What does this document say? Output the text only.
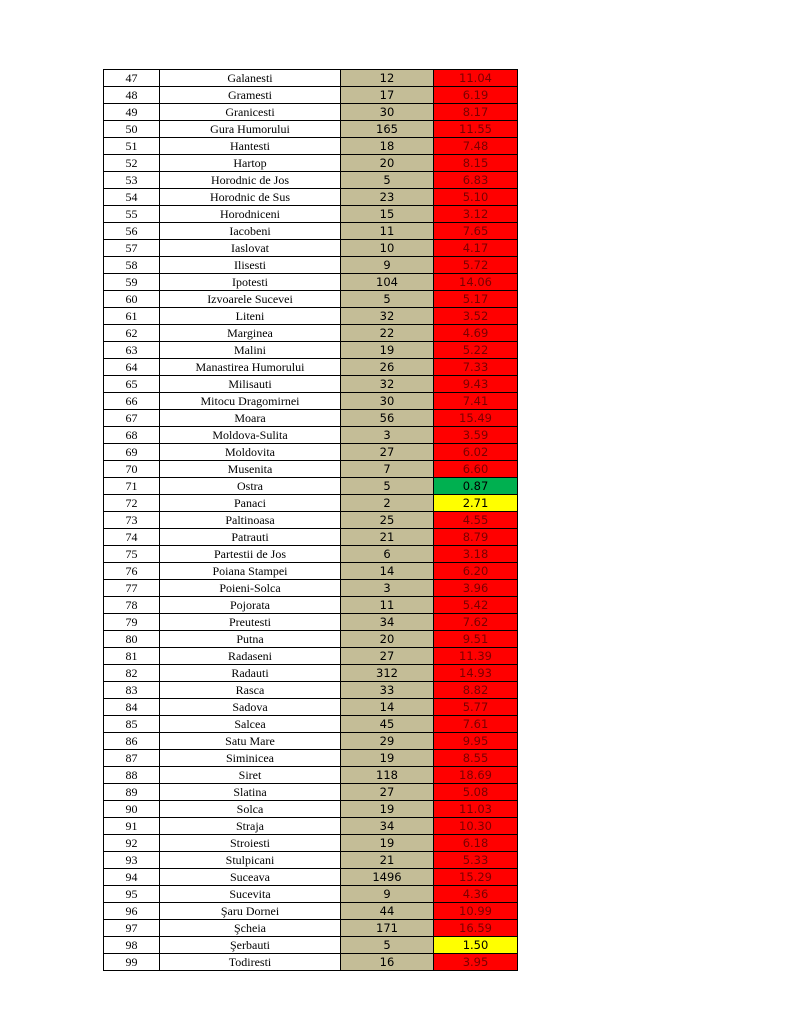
47	Galanesti	12	11.04
48	Gramesti	17	6.19
49	Granicesti	30	8.17
50	Gura Humorului	165	11.55
51	Hantesti	18	7.48
52	Hartop	20	8.15
53	Horodnic de Jos	5	6.83
54	Horodnic de Sus	23	5.10
55	Horodniceni	15	3.12
56	Iacobeni	11	7.65
57	Iaslovat	10	4.17
58	Ilisesti	9	5.72
59	Ipotesti	104	14.06
60	Izvoarele Sucevei	5	5.17
61	Liteni	32	3.52
62	Marginea	22	4.69
63	Malini	19	5.22
64	Manastirea Humorului	26	7.33
65	Milisauti	32	9.43
66	Mitocu Dragomirnei	30	7.41
67	Moara	56	15.49
68	Moldova-Sulita	3	3.59
69	Moldovita	27	6.02
70	Musenita	7	6.60
71	Ostra	5	0.87
72	Panaci	2	2.71
73	Paltinoasa	25	4.55
74	Patrauti	21	8.79
75	Partestii de Jos	6	3.18
76	Poiana Stampei	14	6.20
77	Poieni-Solca	3	3.96
78	Pojorata	11	5.42
79	Preutesti	34	7.62
80	Putna	20	9.51
81	Radaseni	27	11.39
82	Radauti	312	14.93
83	Rasca	33	8.82
84	Sadova	14	5.77
85	Salcea	45	7.61
86	Satu Mare	29	9.95
87	Siminicea	19	8.55
88	Siret	118	18.69
89	Slatina	27	5.08
90	Solca	19	11.03
91	Straja	34	10.30
92	Stroiesti	19	6.18
93	Stulpicani	21	5.33
94	Suceava	1496	15.29
95	Sucevita	9	4.36
96	Şaru Dornei	44	10.99
97	Şcheia	171	16.59
98	Şerbauti	5	1.50
99	Todiresti	16	3.95
